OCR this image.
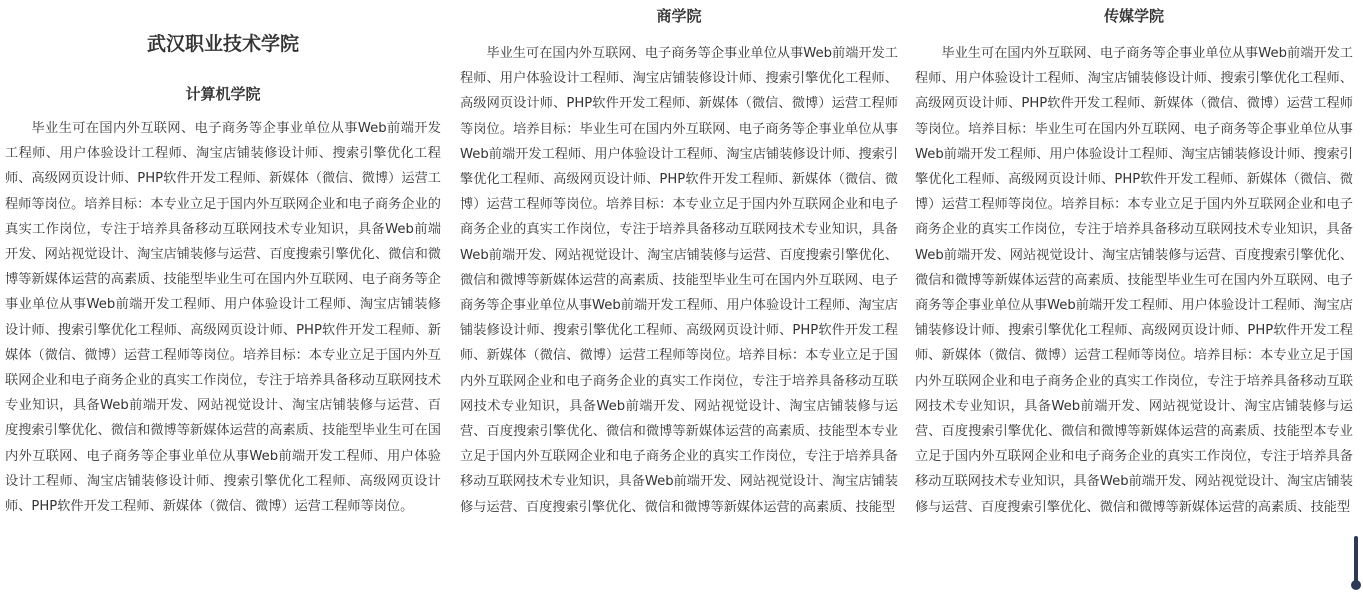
武汉职业技术学院
计算机学院

毕业生可在国内外互联网、电子商务等企事业单位从事Web前端开发工程师、用户体验设计工程师、淘宝店铺装修设计师、搜索引擎优化工程师、高级网页设计师、PHP软件开发工程师、新媒体（微信、微博）运营工程师等岗位。培养目标：本专业立足于国内外互联网企业和电子商务企业的真实工作岗位，专注于培养具备移动互联网技术专业知识，具备Web前端开发、网站视觉设计、淘宝店铺装修与运营、百度搜索引擎优化、微信和微博等新媒体运营的高素质、技能型毕业生可在国内外互联网、电子商务等企事业单位从事Web前端开发工程师、用户体验设计工程师、淘宝店铺装修设计师、搜索引擎优化工程师、高级网页设计师、PHP软件开发工程师、新媒体（微信、微博）运营工程师等岗位。培养目标：本专业立足于国内外互联网企业和电子商务企业的真实工作岗位，专注于培养具备移动互联网技术专业知识，具备Web前端开发、网站视觉设计、淘宝店铺装修与运营、百度搜索引擎优化、微信和微博等新媒体运营的高素质、技能型毕业生可在国内外互联网、电子商务等企事业单位从事Web前端开发工程师、用户体验设计工程师、淘宝店铺装修设计师、搜索引擎优化工程师、高级网页设计师、PHP软件开发工程师、新媒体（微信、微博）运营工程师等岗位。

商学院

毕业生可在国内外互联网、电子商务等企事业单位从事Web前端开发工程师、用户体验设计工程师、淘宝店铺装修设计师、搜索引擎优化工程师、高级网页设计师、PHP软件开发工程师、新媒体（微信、微博）运营工程师等岗位。培养目标：毕业生可在国内外互联网、电子商务等企事业单位从事Web前端开发工程师、用户体验设计工程师、淘宝店铺装修设计师、搜索引擎优化工程师、高级网页设计师、PHP软件开发工程师、新媒体（微信、微博）运营工程师等岗位。培养目标：本专业立足于国内外互联网企业和电子商务企业的真实工作岗位，专注于培养具备移动互联网技术专业知识，具备Web前端开发、网站视觉设计、淘宝店铺装修与运营、百度搜索引擎优化、微信和微博等新媒体运营的高素质、技能型毕业生可在国内外互联网、电子商务等企事业单位从事Web前端开发工程师、用户体验设计工程师、淘宝店铺装修设计师、搜索引擎优化工程师、高级网页设计师、PHP软件开发工程师、新媒体（微信、微博）运营工程师等岗位。培养目标：本专业立足于国内外互联网企业和电子商务企业的真实工作岗位，专注于培养具备移动互联网技术专业知识，具备Web前端开发、网站视觉设计、淘宝店铺装修与运营、百度搜索引擎优化、微信和微博等新媒体运营的高素质、技能型本专业立足于国内外互联网企业和电子商务企业的真实工作岗位，专注于培养具备移动互联网技术专业知识，具备Web前端开发、网站视觉设计、淘宝店铺装修与运营、百度搜索引擎优化、微信和微博等新媒体运营的高素质、技能型

传媒学院

毕业生可在国内外互联网、电子商务等企事业单位从事Web前端开发工程师、用户体验设计工程师、淘宝店铺装修设计师、搜索引擎优化工程师、高级网页设计师、PHP软件开发工程师、新媒体（微信、微博）运营工程师等岗位。培养目标：毕业生可在国内外互联网、电子商务等企事业单位从事Web前端开发工程师、用户体验设计工程师、淘宝店铺装修设计师、搜索引擎优化工程师、高级网页设计师、PHP软件开发工程师、新媒体（微信、微博）运营工程师等岗位。培养目标：本专业立足于国内外互联网企业和电子商务企业的真实工作岗位，专注于培养具备移动互联网技术专业知识，具备Web前端开发、网站视觉设计、淘宝店铺装修与运营、百度搜索引擎优化、微信和微博等新媒体运营的高素质、技能型毕业生可在国内外互联网、电子商务等企事业单位从事Web前端开发工程师、用户体验设计工程师、淘宝店铺装修设计师、搜索引擎优化工程师、高级网页设计师、PHP软件开发工程师、新媒体（微信、微博）运营工程师等岗位。培养目标：本专业立足于国内外互联网企业和电子商务企业的真实工作岗位，专注于培养具备移动互联网技术专业知识，具备Web前端开发、网站视觉设计、淘宝店铺装修与运营、百度搜索引擎优化、微信和微博等新媒体运营的高素质、技能型本专业立足于国内外互联网企业和电子商务企业的真实工作岗位，专注于培养具备移动互联网技术专业知识，具备Web前端开发、网站视觉设计、淘宝店铺装修与运营、百度搜索引擎优化、微信和微博等新媒体运营的高素质、技能型
